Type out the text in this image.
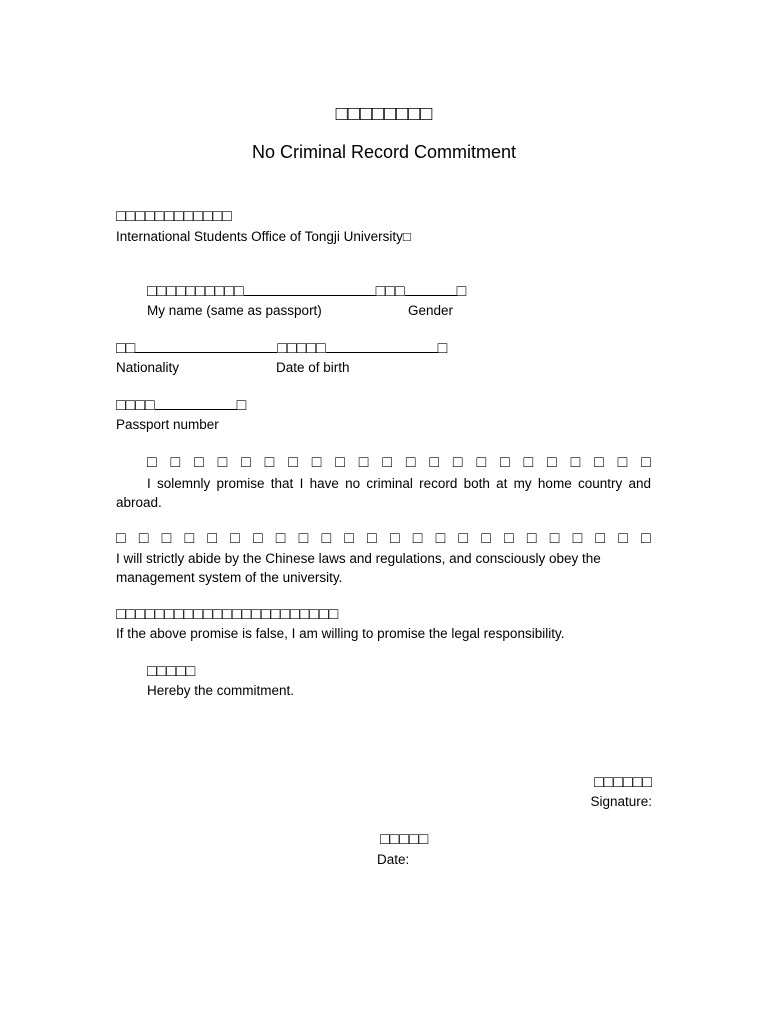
□□□□□□□□
No Criminal Record Commitment
□□□□□□□□□□□□
International Students Office of Tongji University□
□□□□□□□□□□	□□□	□
My name (same as passport)	Gender
□□	□□□□□	□
Nationality	Date of birth
□□□□	□
Passport number
□ □ □ □ □ □ □ □ □ □ □ □ □ □ □ □ □ □ □ □ □ □
I solemnly promise that I have no criminal record both at my home country and abroad.
□ □ □ □ □ □ □ □ □ □ □ □ □ □ □ □ □ □ □ □ □ □ □ □
I will strictly abide by the Chinese laws and regulations, and consciously obey the management system of the university.
□□□□□□□□□□□□□□□□□□□□□□□
If the above promise is false, I am willing to promise the legal responsibility.
□□□□□
Hereby the commitment.
□□□□□□
Signature:
□□□□□
Date:
